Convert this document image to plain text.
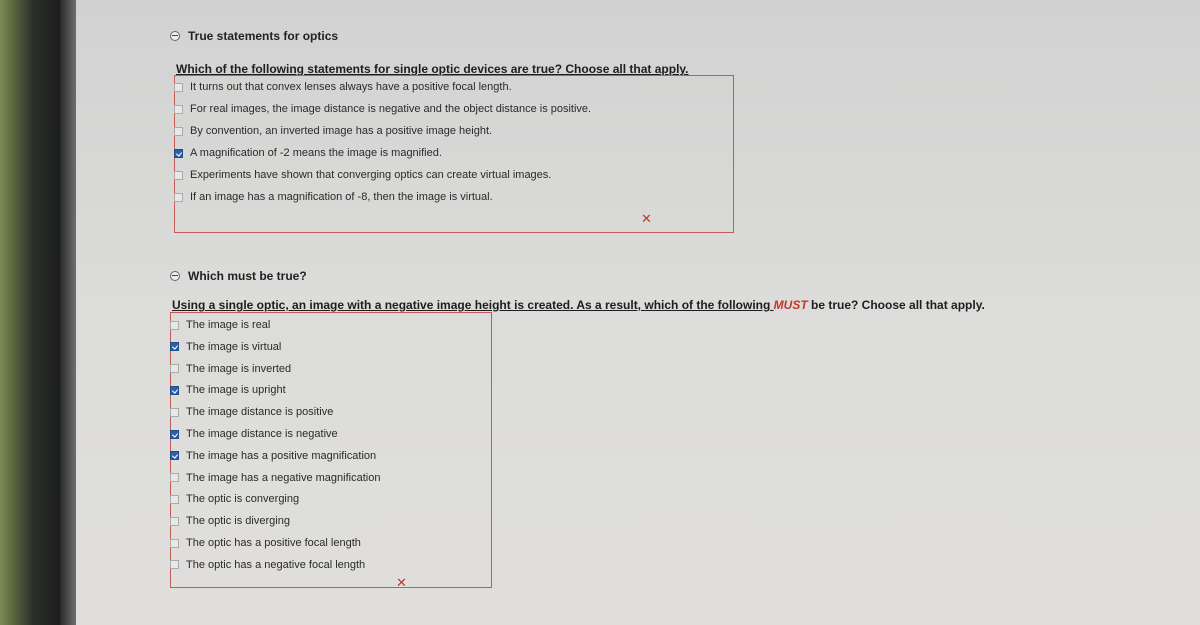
True statements for optics
Which of the following statements for single optic devices are true? Choose all that apply.
It turns out that convex lenses always have a positive focal length.
For real images, the image distance is negative and the object distance is positive.
By convention, an inverted image has a positive image height.
A magnification of -2 means the image is magnified.
Experiments have shown that converging optics can create virtual images.
If an image has a magnification of -8, then the image is virtual.
✕
Which must be true?
Using a single optic, an image with a negative image height is created. As a result, which of the following MUST be true? Choose all that apply.
The image is real
The image is virtual
The image is inverted
The image is upright
The image distance is positive
The image distance is negative
The image has a positive magnification
The image has a negative magnification
The optic is converging
The optic is diverging
The optic has a positive focal length
The optic has a negative focal length
✕
